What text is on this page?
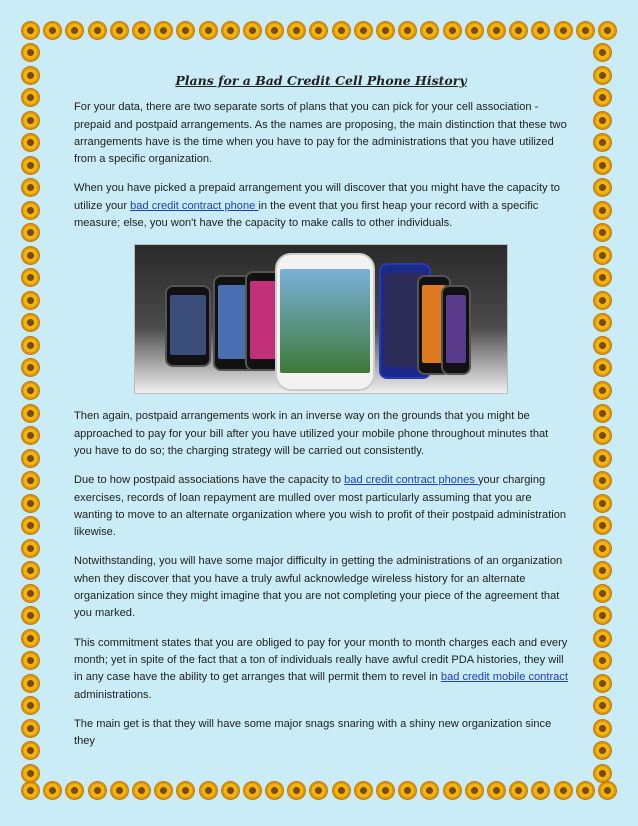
Plans for a Bad Credit Cell Phone History

For your data, there are two separate sorts of plans that you can pick for your cell association - prepaid and postpaid arrangements. As the names are proposing, the main distinction that these two arrangements have is the time when you have to pay for the administrations that you have utilized from a specific organization.

When you have picked a prepaid arrangement you will discover that you might have the capacity to utilize your bad credit contract phone in the event that you first heap your record with a specific measure; else, you won't have the capacity to make calls to other individuals.

Then again, postpaid arrangements work in an inverse way on the grounds that you might be approached to pay for your bill after you have utilized your mobile phone throughout minutes that you have to do so; the charging strategy will be carried out consistently.

Due to how postpaid associations have the capacity to bad credit contract phones your charging exercises, records of loan repayment are mulled over most particularly assuming that you are wanting to move to an alternate organization where you wish to profit of their postpaid administration likewise.

Notwithstanding, you will have some major difficulty in getting the administrations of an organization when they discover that you have a truly awful acknowledge wireless history for an alternate organization since they might imagine that you are not completing your piece of the agreement that you marked.

This commitment states that you are obliged to pay for your month to month charges each and every month; yet in spite of the fact that a ton of individuals really have awful credit PDA histories, they will in any case have the ability to get arranges that will permit them to revel in bad credit mobile contract administrations.

The main get is that they will have some major snags snaring with a shiny new organization since they
